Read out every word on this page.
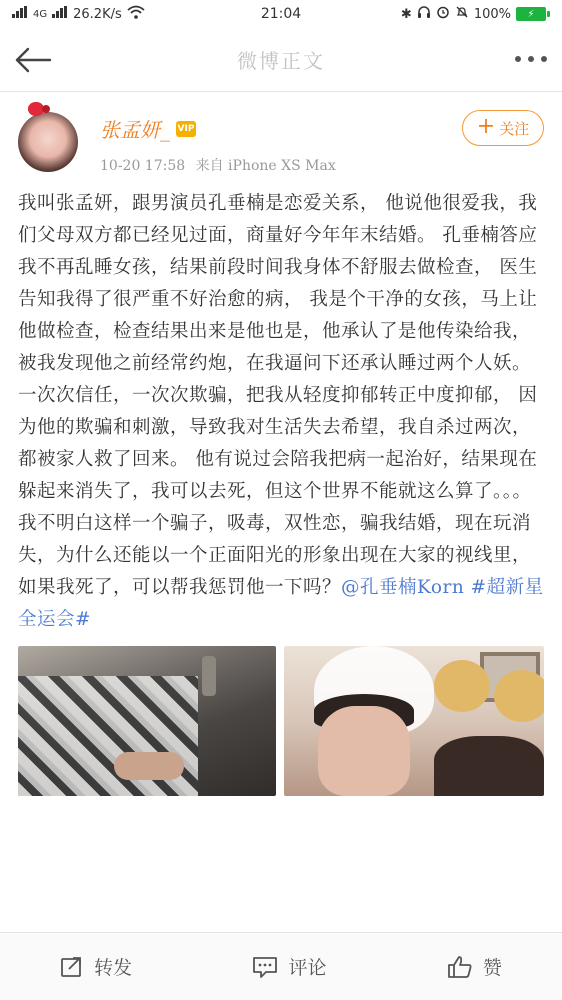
4G 26.2K/s	21:04	✱	100%	⚡
微博正文
张孟妍_ VIP
10-20 17:58 来自 iPhone XS Max
+ 关注

我叫张孟妍，跟男演员孔垂楠是恋爱关系， 他说他很爱我，我们父母双方都已经见过面，商量好今年年末结婚。 孔垂楠答应我不再乱睡女孩，结果前段时间我身体不舒服去做检查， 医生告知我得了很严重不好治愈的病， 我是个干净的女孩，马上让他做检查，检查结果出来是他也是，他承认了是他传染给我，被我发现他之前经常约炮，在我逼问下还承认睡过两个人妖。 一次次信任，一次次欺骗，把我从轻度抑郁转正中度抑郁， 因为他的欺骗和刺激，导致我对生活失去希望，我自杀过两次， 都被家人救了回来。 他有说过会陪我把病一起治好，结果现在躲起来消失了，我可以去死，但这个世界不能就这么算了。。。

我不明白这样一个骗子，吸毒，双性恋，骗我结婚，现在玩消失，为什么还能以一个正面阳光的形象出现在大家的视线里，如果我死了，可以帮我惩罚他一下吗？@孔垂楠Korn #超新星全运会#

转发	评论	赞
